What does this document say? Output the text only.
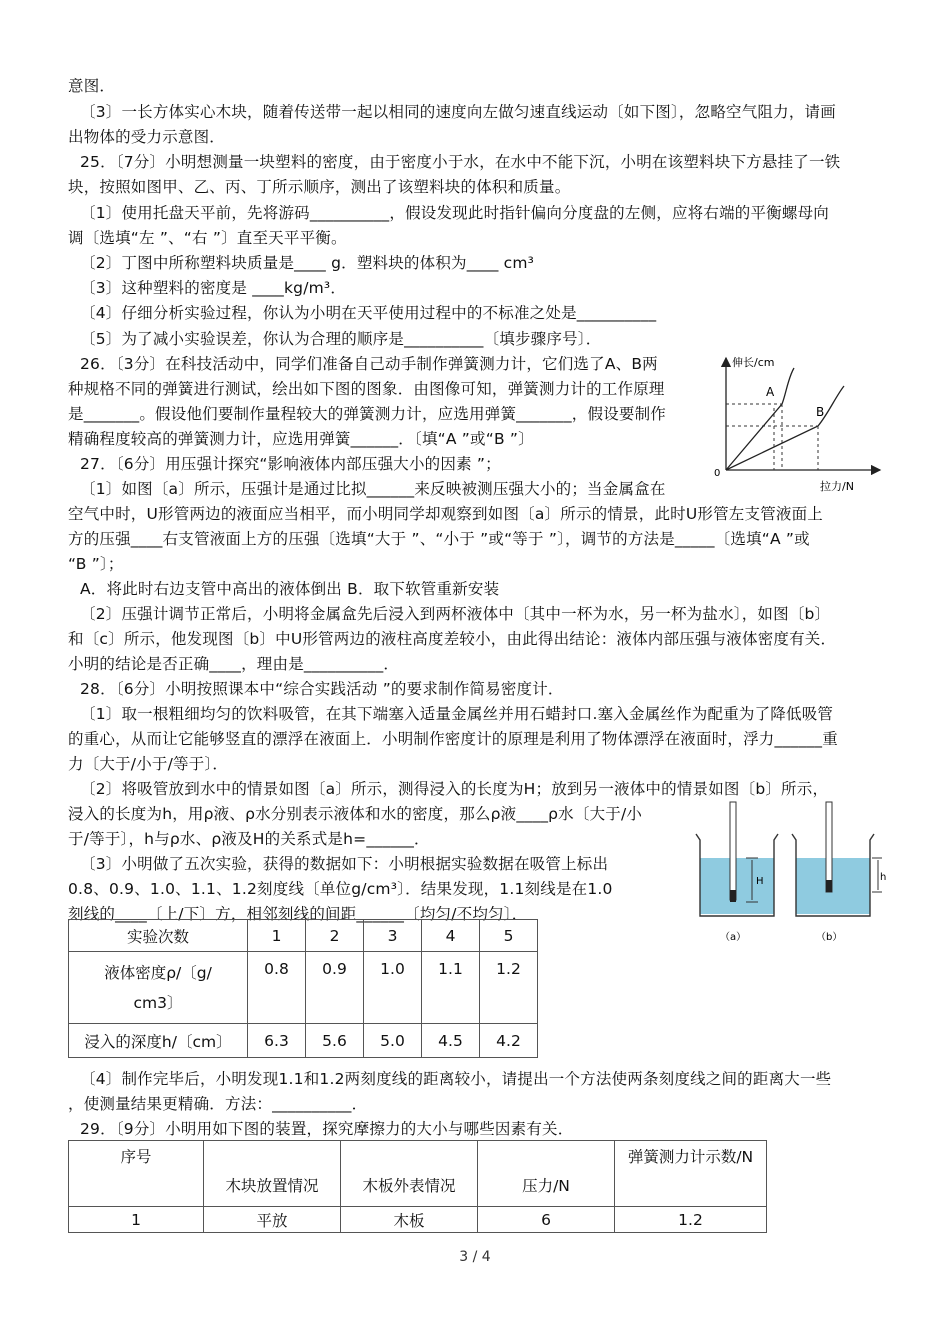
意图．
〔3〕一长方体实心木块，随着传送带一起以相同的速度向左做匀速直线运动〔如下图〕，忽略空气阻力，请画
出物体的受力示意图．
25．〔7分〕小明想测量一块塑料的密度，由于密度小于水，在水中不能下沉，小明在该塑料块下方悬挂了一铁
块，按照如图甲、乙、丙、丁所示顺序，测出了该塑料块的体积和质量。
〔1〕使用托盘天平前，先将游码__________，假设发现此时指针偏向分度盘的左侧，应将右端的平衡螺母向
调〔选填“左 ”、“右 ”〕直至天平平衡。
〔2〕丁图中所称塑料块质量是____ g．塑料块的体积为____ cm³
〔3〕这种塑料的密度是 ____kg/m³．
〔4〕仔细分析实验过程，你认为小明在天平使用过程中的不标准之处是__________
〔5〕为了减小实验误差，你认为合理的顺序是__________〔填步骤序号〕．
26．〔3分〕在科技活动中，同学们准备自己动手制作弹簧测力计，它们选了A、B两
种规格不同的弹簧进行测试，绘出如下图的图象．由图像可知，弹簧测力计的工作原理
是_______。假设他们要制作量程较大的弹簧测力计，应选用弹簧_______，假设要制作
精确程度较高的弹簧测力计，应选用弹簧______．〔填“A ”或“B ”〕
27．〔6分〕用压强计探究“影响液体内部压强大小的因素 ”；
〔1〕如图〔a〕所示，压强计是通过比拟______来反映被测压强大小的；当金属盒在
空气中时，U形管两边的液面应当相平，而小明同学却观察到如图〔a〕所示的情景，此时U形管左支管液面上
方的压强____右支管液面上方的压强〔选填“大于 ”、“小于 ”或“等于 ”〕，调节的方法是_____〔选填“A ”或
“B ”〕；
A．将此时右边支管中高出的液体倒出 B．取下软管重新安装
〔2〕压强计调节正常后，小明将金属盒先后浸入到两杯液体中〔其中一杯为水，另一杯为盐水〕，如图〔b〕
和〔c〕所示，他发现图〔b〕中U形管两边的液柱高度差较小，由此得出结论：液体内部压强与液体密度有关．
小明的结论是否正确____，理由是__________．
28．〔6分〕小明按照课本中“综合实践活动 ”的要求制作简易密度计．
〔1〕取一根粗细均匀的饮料吸管，在其下端塞入适量金属丝并用石蜡封口.塞入金属丝作为配重为了降低吸管
的重心，从而让它能够竖直的漂浮在液面上．小明制作密度计的原理是利用了物体漂浮在液面时，浮力______重
力〔大于/小于/等于〕．
〔2〕将吸管放到水中的情景如图〔a〕所示，测得浸入的长度为H；放到另一液体中的情景如图〔b〕所示，
浸入的长度为h，用ρ液、ρ水分别表示液体和水的密度，那么ρ液____ρ水〔大于/小
于/等于〕，h与ρ水、ρ液及H的关系式是h=______．
〔3〕小明做了五次实验，获得的数据如下：小明根据实验数据在吸管上标出
0.8、0.9、1.0、1.1、1.2刻度线〔单位g/cm³〕．结果发现，1.1刻线是在1.0
刻线的____〔上/下〕方，相邻刻线的间距______〔均匀/不均匀〕．
〔4〕制作完毕后，小明发现1.1和1.2两刻度线的距离较小，请提出一个方法使两条刻度线之间的距离大一些
，使测量结果更精确．方法：__________．
29．〔9分〕小明用如下图的装置，探究摩擦力的大小与哪些因素有关．
伸长/cm
拉力/N
0
A
B
H
（a）
h
（b）
实验次数	1	2	3	4	5

液体密度ρ/〔g/
cm3〕	0.8	0.9	1.0	1.1	1.2
浸入的深度h/〔cm〕	6.3	5.6	5.0	4.5	4.2
序号	木块放置情况	木板外表情况	压力/N	弹簧测力计示数/N
1	平放	木板	6	1.2
3 / 4
